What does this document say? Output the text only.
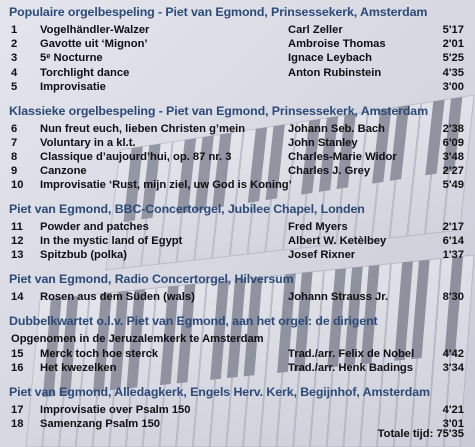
Populaire orgelbespeling - Piet van Egmond, Prinsessekerk, Amsterdam
1 Vogelhändler-Walzer	Carl Zeller	5'17
2 Gavotte uit ‘Mignon’	Ambroise Thomas	2'01
3 5ᵉ Nocturne	Ignace Leybach	5'25
4 Torchlight dance	Anton Rubinstein	4'35
5 Improvisatie	3'00
Klassieke orgelbespeling - Piet van Egmond, Prinsessekerk, Amsterdam
6 Nun freut euch, lieben Christen g’mein	Johann Seb. Bach	2'38
7 Voluntary in a kl.t.	John Stanley	6'09
8 Classique d’aujourd’hui, op. 87 nr. 3	Charles-Marie Widor	3'48
9 Canzone	Charles J. Grey	2'27
10 Improvisatie ‘Rust, mijn ziel, uw God is Koning’	5'49
Piet van Egmond, BBC-Concertorgel, Jubilee Chapel, Londen
11 Powder and patches	Fred Myers	2'17
12 In the mystic land of Egypt	Albert W. Ketèlbey	6'14
13 Spitzbub (polka)	Josef Rixner	1'37
Piet van Egmond, Radio Concertorgel, Hilversum
14 Rosen aus dem Süden (wals)	Johann Strauss Jr.	8'30
Dubbelkwartet o.l.v. Piet van Egmond, aan het orgel: de dirigent
Opgenomen in de Jeruzalemkerk te Amsterdam
15 Merck toch hoe sterck	Trad./arr. Felix de Nobel	4'42
16 Het kwezelken	Trad./arr. Henk Badings	3'34
Piet van Egmond, Alledagkerk, Engels Herv. Kerk, Begijnhof, Amsterdam
17 Improvisatie over Psalm 150	4'21
18 Samenzang Psalm 150	3'01
Totale tijd: 75'35
